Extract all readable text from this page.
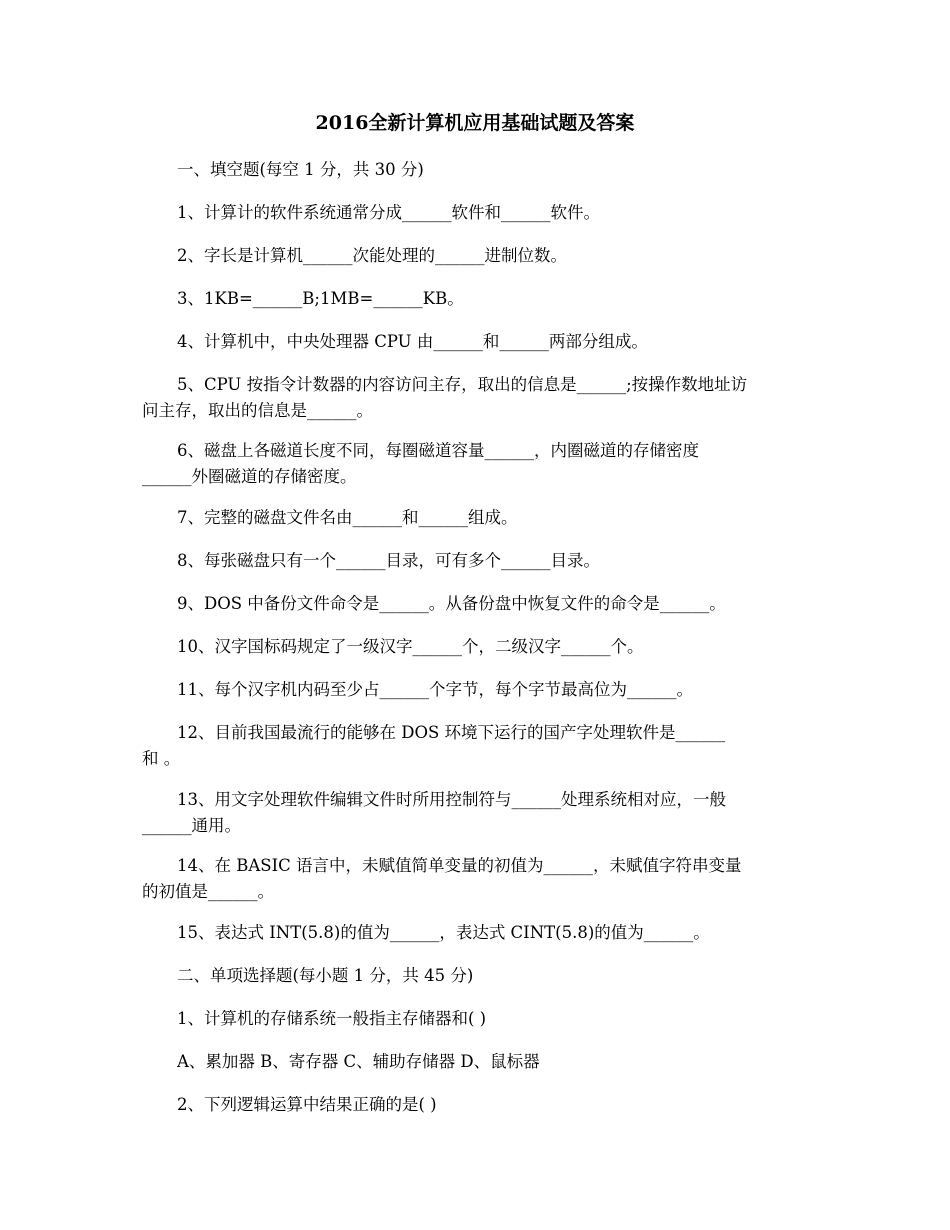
2016全新计算机应用基础试题及答案
一、填空题(每空 1 分，共 30 分)
1、计算计的软件系统通常分成______软件和______软件。
2、字长是计算机______次能处理的______进制位数。
3、1KB=______B;1MB=______KB。
4、计算机中，中央处理器 CPU 由______和______两部分组成。
5、CPU 按指令计数器的内容访问主存，取出的信息是______;按操作数地址访
问主存，取出的信息是______。
6、磁盘上各磁道长度不同，每圈磁道容量______，内圈磁道的存储密度
______外圈磁道的存储密度。
7、完整的磁盘文件名由______和______组成。
8、每张磁盘只有一个______目录，可有多个______目录。
9、DOS 中备份文件命令是______。从备份盘中恢复文件的命令是______。
10、汉字国标码规定了一级汉字______个，二级汉字______个。
11、每个汉字机内码至少占______个字节，每个字节最高位为______。
12、目前我国最流行的能够在 DOS 环境下运行的国产字处理软件是______
和 。
13、用文字处理软件编辑文件时所用控制符与______处理系统相对应，一般
______通用。
14、在 BASIC 语言中，未赋值简单变量的初值为______，未赋值字符串变量
的初值是______。
15、表达式 INT(5.8)的值为______，表达式 CINT(5.8)的值为______。
二、单项选择题(每小题 1 分，共 45 分)
1、计算机的存储系统一般指主存储器和( )
A、累加器 B、寄存器 C、辅助存储器 D、鼠标器
2、下列逻辑运算中结果正确的是( )
